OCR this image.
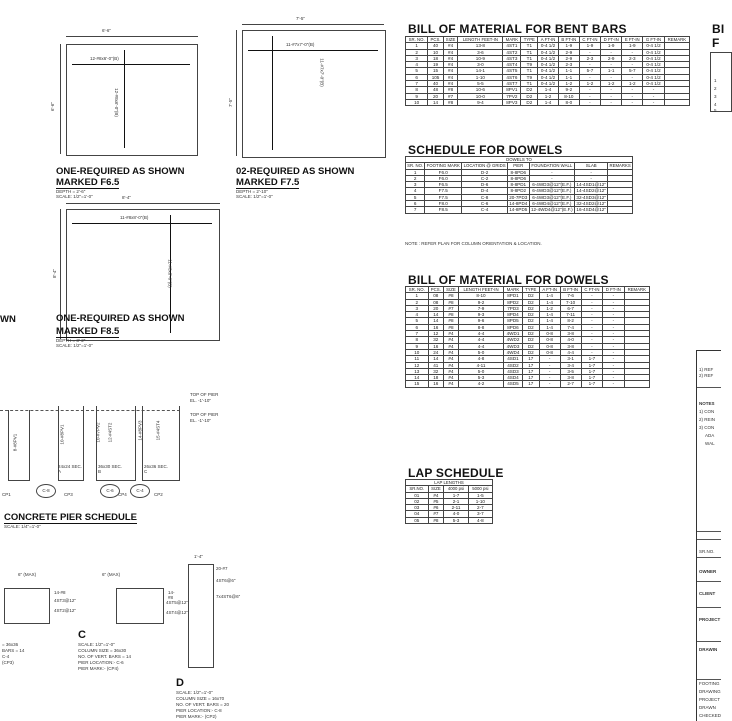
6'-6"
6'-6"
12-#8x6'-0"(B)
12-#8x6'-0"(B)
ONE-REQUIRED AS SHOWN
MARKED F6.5
DEPTH = 2'-6"
SCALE: 1/2"=1'-0"
7'-5"
7'-5"
11-#7x7'-0"(B)
11-#7x7'-0"(B)
02-REQUIRED AS SHOWN
MARKED F7.5
DEPTH = 2'-10"
SCALE: 1/2"=1'-0"
8'-4"
8'-4"
11-#8x8'-0"(B)
11-#8x8'-0"(B)
ONE-REQUIRED AS SHOWN
MARKED F8.5
DEPTH = 3'-2"
SCALE: 1/2"=1'-0"
WN
TOP OF PIER
EL. -1'-10"
TOP OF PIER
EL. -1'-10"
8-#8PV1	10-#8PV1	10-#7PV2 12-#4ST2	14-#8PV3	15-#4ST4
24x24 SEC. A
36x30 SEC. B
26x36 SEC. C
CP1
C-8
CP3
C-6
CP4
C-4
CP2
CONCRETE PIER SCHEDULE
SCALE: 1/4"=1'-0"
6" (MAX)
14-#8
4ST3@12"
4ST2@12"
= 36x36
BARS = 14
C-4
(CP3)
6" (MAX)
14-#8
C
SCALE: 1/2"=1'-0"
COLUMN SIZE = 36x30
NO. OF VERT. BARS = 14
PIER LOCATION:- C-6
PIER MARK:- (CP4)
4ST5@12"
4ST4@12"
1'-4"
20-#7
4ST6@6"
7x4ST6@6"
D
SCALE: 1/2"=1'-0"
COLUMN SIZE = 16x70
NO. OF VERT. BARS = 20
PIER LOCATION:- C-8
PIER MARK:- (CP2)
BILL OF MATERIAL FOR BENT BARS
SR. NO.	PCS.	SIZE	LENGTH FEET-IN	MARK	TYPE	A FT-IN	B FT-IN	C FT-IN	D FT-IN	E FT-IN	G FT-IN	REMARK
1	40	#4	13-8	4ST1	T1	0-4 1/2	1-9	1-9	1-9	1-9	0-4 1/2	
2	10	#4	3-6	4ST2	T1	0-4 1/2	2-9	-	-	-	0-4 1/2	
3	18	#4	10-9	4ST3	T1	0-4 1/2	2-9	2-3	2-9	2-3	0-4 1/2	
4	19	#4	3-0	4ST4	T9	0-4 1/2	2-3	-	-	-	0-4 1/2	
5	15	#4	14-1	4ST5	T1	0-4 1/2	1-1	5-7	1-1	5-7	0-4 1/2	
6	105	#4	1-10	4ST6	T9	0-4 1/2	1-1	-	-	-	0-4 1/2	
7	40	#4	5-5	4ST7	T1	0-4 1/2	1-2	1-2	1-2	1-2	0-4 1/2	
8	48	#8	10-6	8PV1	D2	1-4	9-2	-	-	-	-	
9	20	#7	10-0	7PV2	D2	1-2	8-10	-	-	-	-	
10	14	#8	9-4	8PV3	D2	1-4	8-0	-	-	-	-	
SCHEDULE FOR DOWELS
DOWELS TO						
SR. NO.	FOOTING MARK	LOCATION @ GRIDS	PIER	FOUNDATION WALL	SLAB	REMARKS
1	F6.0	D-2	8-8PD6	-	-	
2	F6.0	C-2	8-8PD6	-	-	
3	F6.5	D-6	8-8PD1	6-4WD3@12"(E.F.)	14-4SD1@12"	
4	F7.5	D-4	8-8PD2	6-4WD3@12"(E.F.)	14-4SD2@12"	
5	F7.5	C-8	20-7PD3	6-4WD3@12"(E.F.)	32-4SD3@12"	
6	F8.0	C-6	14-8PD4	6-4WD4@12"(E.F.)	32-4SD2@12"	
7	F8.5	C-4	14-8PD5	12-4WD4@12"(E.F.)	16-4SD4@12"	
NOTE : REFER PLAN FOR COLUMN ORIENTATION & LOCATION.
BILL OF MATERIAL FOR DOWELS
SR. NO.	PCS.	SIZE	LENGTH FEET-IN	MARK	TYPE	A FT-IN	B FT-IN	C FT-IN	D FT-IN	REMARK
1	08	#8	8-10	8PD1	D2	1-4	7-6	-	-	
2	08	#8	9-2	8PD2	D2	1-4	7-10	-	-	
3	20	#7	7-9	7PD3	D2	1-2	6-7	-	-	
4	14	#8	9-3	8PD4	D2	1-4	7-11	-	-	
5	14	#8	9-6	8PD5	D2	1-4	8-2	-	-	
6	16	#8	8-8	8PD6	D2	1-4	7-4	-	-	
7	12	#4	4-4	4WD1	D2	0-8	3-8	-	-	
8	32	#4	4-4	4WD2	D2	0-8	4-0	-	-	
9	16	#4	4-4	4WD3	D2	0-8	3-8	-	-	
10	24	#4	5-0	4WD4	D2	0-8	4-4	-	-	
11	14	#4	4-8	4SD1	17	-	3-1	1-7	-	
12	41	#4	4-11	4SD2	17	-	3-4	1-7	-	
13	32	#4	5-0	4SD3	17	-	3-5	1-7	-	
14	18	#4	5-3	4SD4	17	-	3-8	1-7	-	
15	16	#4	4-2	4SD5	17	-	2-7	1-7	-	
LAP SCHEDULE
LAP LENGTHS			
SR.NO.	SIZE	4000 psi	5000 psi
01	#4	1-7	1-5
02	#5	2-1	1-10
03	#6	2-11	2-7
04	#7	4-0	3-7
05	#8	5-3	4-8
BI
F
1
2
3
4
5
1) REF
2) REF
NOTES
1) CON
2) REIN
3) CON
ADA
WAL
SR.NO.
OWNER
CLIENT
PROJECT
DRAWIN
FOOTING
DRAWING
PROJECT
DRAWN
CHECKED
